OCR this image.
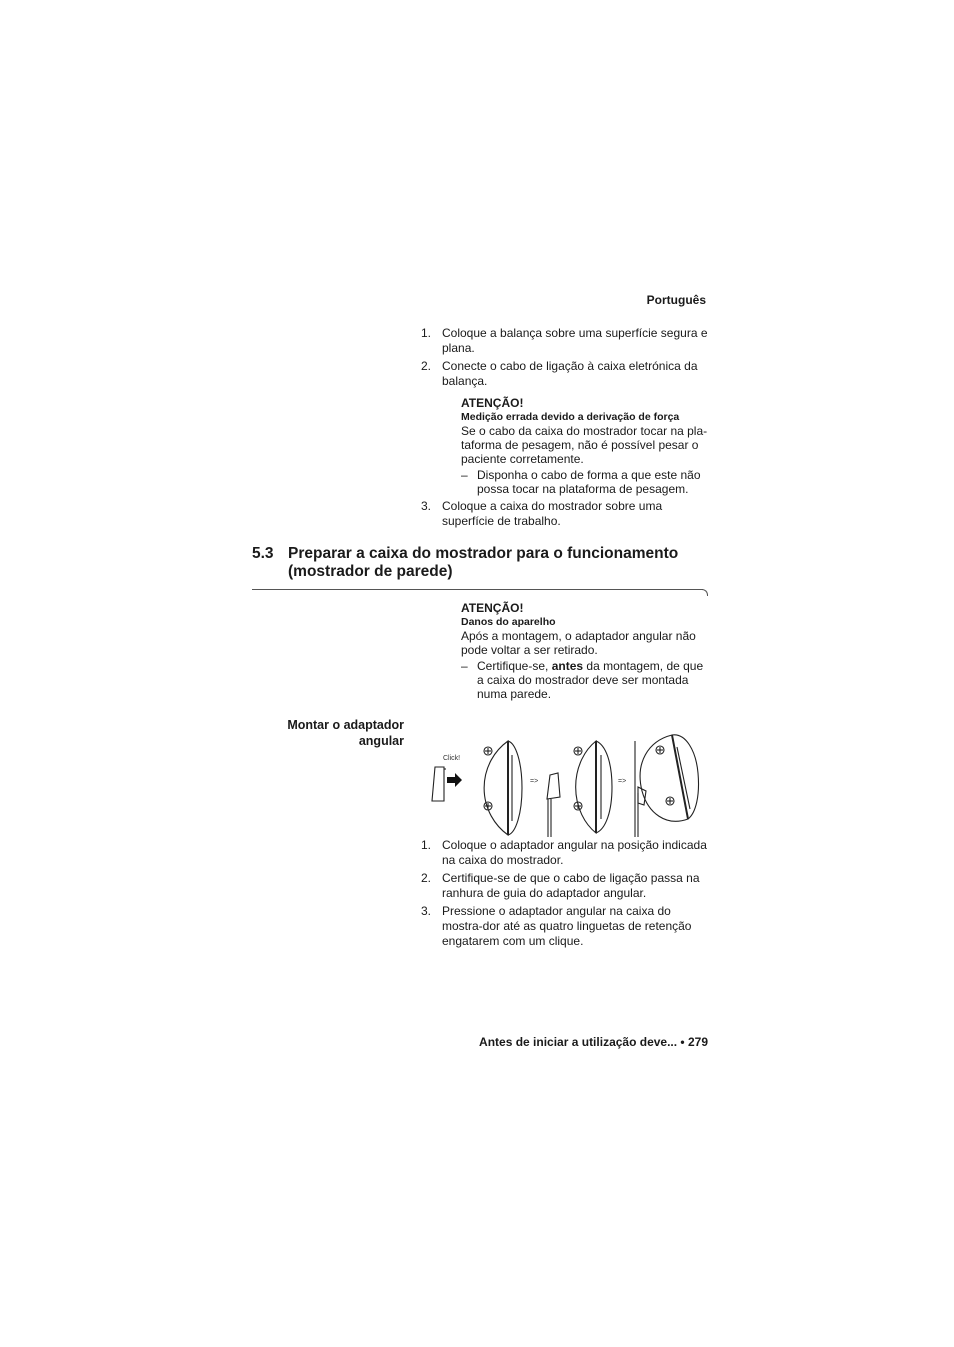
Português
1. Coloque a balança sobre uma superfície segura e plana.
2. Conecte o cabo de ligação à caixa eletrónica da balança.
ATENÇÃO!
Medição errada devido a derivação de força
Se o cabo da caixa do mostrador tocar na pla-taforma de pesagem, não é possível pesar o paciente corretamente.
– Disponha o cabo de forma a que este não possa tocar na plataforma de pesagem.
3. Coloque a caixa do mostrador sobre uma superfície de trabalho.
5.3 Preparar a caixa do mostrador para o funcionamento (mostrador de parede)
ATENÇÃO!
Danos do aparelho
Após a montagem, o adaptador angular não pode voltar a ser retirado.
– Certifique-se, antes da montagem, de que a caixa do mostrador deve ser montada numa parede.
Montar o adaptador angular
Click!
=>	=>
1. Coloque o adaptador angular na posição indicada na caixa do mostrador.
2. Certifique-se de que o cabo de ligação passa na ranhura de guia do adaptador angular.
3. Pressione o adaptador angular na caixa do mostra-dor até as quatro linguetas de retenção engatarem com um clique.
Antes de iniciar a utilização deve... • 279
